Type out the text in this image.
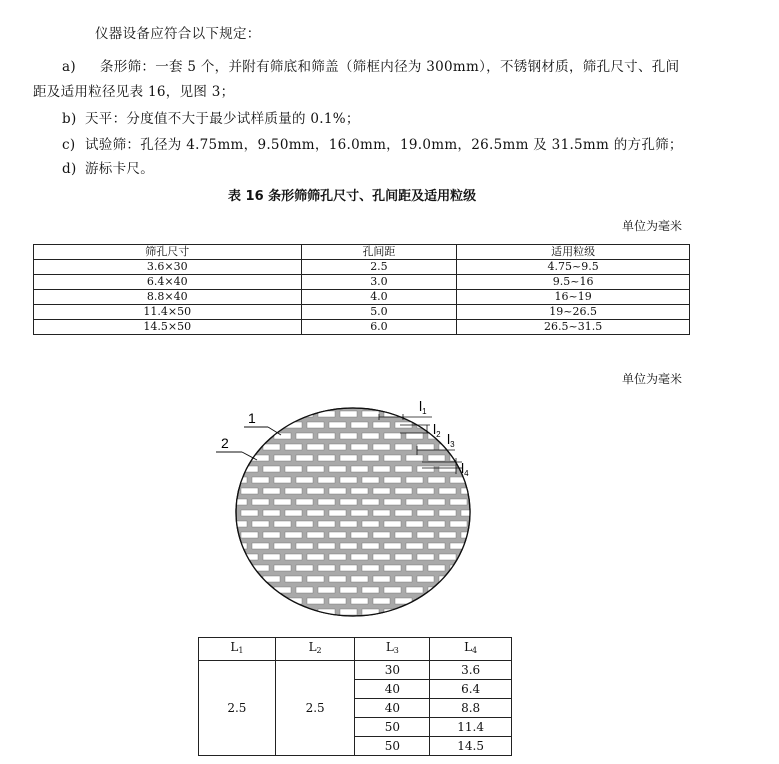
仪器设备应符合以下规定：
a) 条形筛：一套 5 个，并附有筛底和筛盖（筛框内径为 300mm），不锈钢材质，筛孔尺寸、孔间
距及适用粒径见表 16，见图 3；
b) 天平：分度值不大于最少试样质量的 0.1%；
c) 试验筛：孔径为 4.75mm，9.50mm，16.0mm，19.0mm，26.5mm 及 31.5mm 的方孔筛；
d) 游标卡尺。
表 16 条形筛筛孔尺寸、孔间距及适用粒级
单位为毫米
筛孔尺寸	孔间距	适用粒级
3.6×30	2.5	4.75~9.5
6.4×40	3.0	9.5~16
8.8×40	4.0	16~19
11.4×50	5.0	19~26.5
14.5×50	6.0	26.5~31.5
单位为毫米
1
2
$l_1$
$l_2$ $l_3$
$l_4$
$L_1$	$L_2$	$L_3$	$L_4$
2.5	2.5	30	3.6
		40	6.4
		40	8.8
		50	11.4
		50	14.5
